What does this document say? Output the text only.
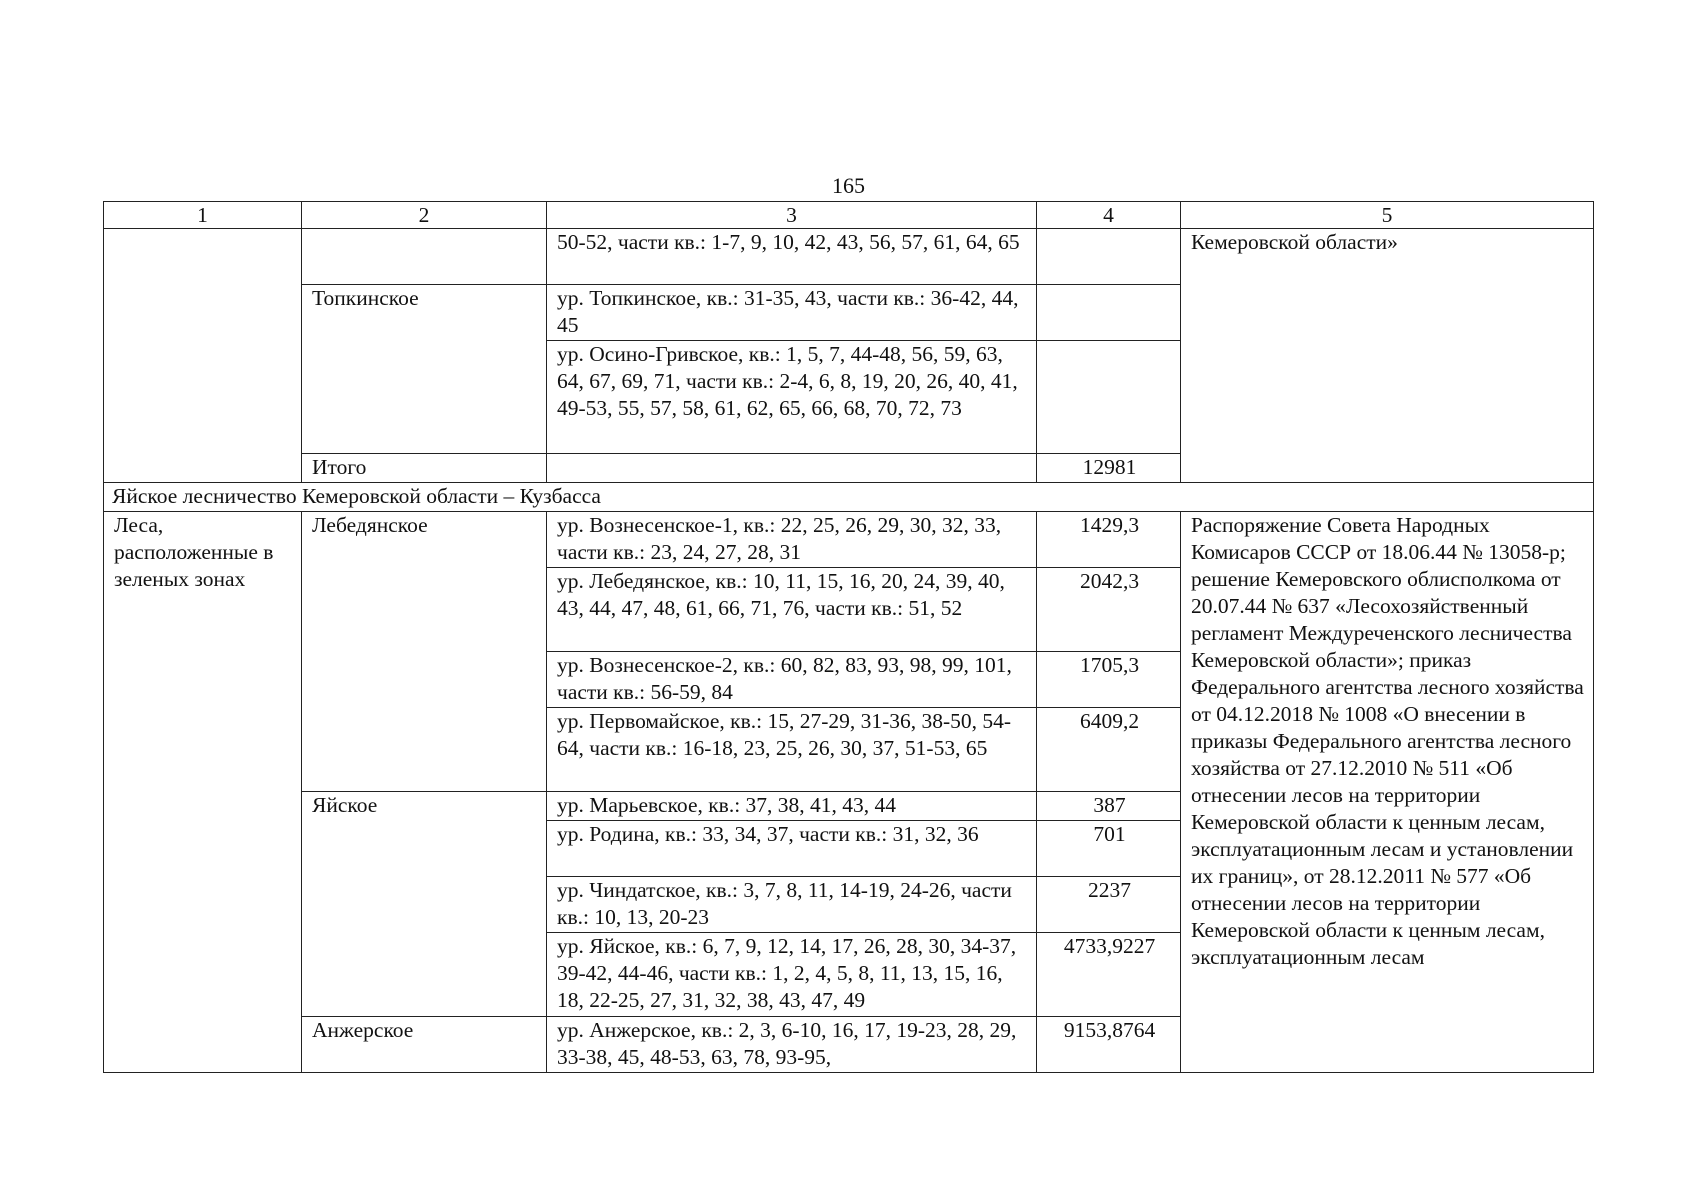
165
1	2	3	4	5
		50-52, части кв.: 1-7, 9, 10, 42, 43, 56, 57, 61, 64, 65		Кемеровской области»
	Топкинское	ур. Топкинское, кв.: 31-35, 43, части кв.: 36-42, 44, 45		
		ур. Осино-Гривское, кв.: 1, 5, 7, 44-48, 56, 59, 63, 64, 67, 69, 71, части кв.: 2-4, 6, 8, 19, 20, 26, 40, 41, 49-53, 55, 57, 58, 61, 62, 65, 66, 68, 70, 72, 73		
	Итого		12981	
Яйское лесничество Кемеровской области – Кузбасса				
Леса, расположенные в зеленых зонах	Лебедянское	ур. Вознесенское-1, кв.: 22, 25, 26, 29, 30, 32, 33, части кв.: 23, 24, 27, 28, 31	1429,3	Распоряжение Совета Народных Комисаров СССР от 18.06.44 № 13058-р; решение Кемеровского облисполкома от 20.07.44 № 637 «Лесохозяйственный регламент Междуреченского лесничества Кемеровской области»; приказ Федерального агентства лесного хозяйства от 04.12.2018 № 1008 «О внесении в приказы Федерального агентства лесного хозяйства от 27.12.2010 № 511 «Об отнесении лесов на территории Кемеровской области к ценным лесам, эксплуатационным лесам и установлении их границ», от 28.12.2011 № 577 «Об отнесении лесов на территории Кемеровской области к ценным лесам, эксплуатационным лесам
		ур. Лебедянское, кв.: 10, 11, 15, 16, 20, 24, 39, 40, 43, 44, 47, 48, 61, 66, 71, 76, части кв.: 51, 52	2042,3	
		ур. Вознесенское-2, кв.: 60, 82, 83, 93, 98, 99, 101, части кв.: 56-59, 84	1705,3	
		ур. Первомайское, кв.: 15, 27-29, 31-36, 38-50, 54-64, части кв.: 16-18, 23, 25, 26, 30, 37, 51-53, 65	6409,2	
	Яйское	ур. Марьевское, кв.: 37, 38, 41, 43, 44	387	
		ур. Родина, кв.: 33, 34, 37, части кв.: 31, 32, 36	701	
		ур. Чиндатское, кв.: 3, 7, 8, 11, 14-19, 24-26, части кв.: 10, 13, 20-23	2237	
		ур. Яйское, кв.: 6, 7, 9, 12, 14, 17, 26, 28, 30, 34-37, 39-42, 44-46, части кв.: 1, 2, 4, 5, 8, 11, 13, 15, 16, 18, 22-25, 27, 31, 32, 38, 43, 47, 49	4733,9227	
	Анжерское	ур. Анжерское, кв.: 2, 3, 6-10, 16, 17, 19-23, 28, 29, 33-38, 45, 48-53, 63, 78, 93-95,	9153,8764	
